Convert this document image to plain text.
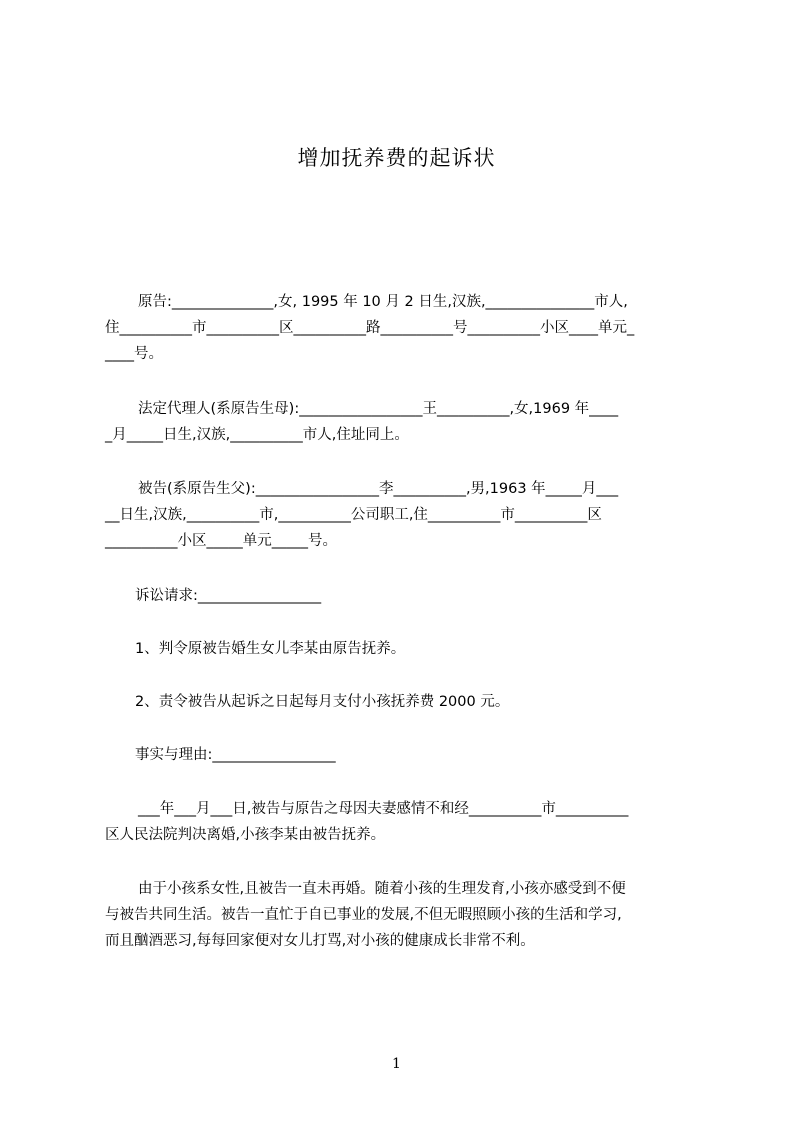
增加抚养费的起诉状
原告:______________,女, 1995 年 10 月 2 日生,汉族,_______________市人,
住__________市__________区__________路__________号__________小区____单元_
____号。
法定代理人(系原告生母):_________________王__________,女,1969 年____
_月_____日生,汉族,__________市人,住址同上。
被告(系原告生父):_________________李__________,男,1963 年_____月___
__日生,汉族,__________市,__________公司职工,住__________市__________区
__________小区_____单元_____号。
诉讼请求:_________________
1、判令原被告婚生女儿李某由原告抚养。
2、责令被告从起诉之日起每月支付小孩抚养费 2000 元。
事实与理由:_________________
___年___月___日,被告与原告之母因夫妻感情不和经__________市__________
区人民法院判决离婚,小孩李某由被告抚养。
由于小孩系女性,且被告一直未再婚。随着小孩的生理发育,小孩亦感受到不便
与被告共同生活。被告一直忙于自已事业的发展,不但无暇照顾小孩的生活和学习,
而且酗酒恶习,每每回家便对女儿打骂,对小孩的健康成长非常不利。
1
